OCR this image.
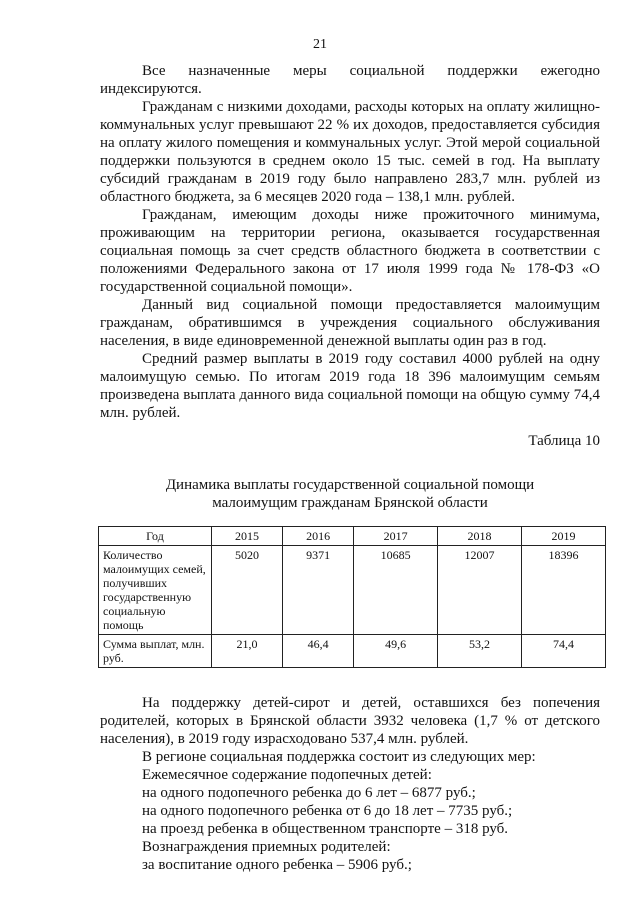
21

Все назначенные меры социальной поддержки ежегодно индексируются.

Гражданам с низкими доходами, расходы которых на оплату жилищно-коммунальных услуг превышают 22 % их доходов, предоставляется субсидия на оплату жилого помещения и коммунальных услуг. Этой мерой социальной поддержки пользуются в среднем около 15 тыс. семей в год. На выплату субсидий гражданам в 2019 году было направлено 283,7 млн. рублей из областного бюджета, за 6 месяцев 2020 года – 138,1 млн. рублей.

Гражданам, имеющим доходы ниже прожиточного минимума, проживающим на территории региона, оказывается государственная социальная помощь за счет средств областного бюджета в соответствии с положениями Федерального закона от 17 июля 1999 года № 178-ФЗ «О государственной социальной помощи».

Данный вид социальной помощи предоставляется малоимущим гражданам, обратившимся в учреждения социального обслуживания населения, в виде единовременной денежной выплаты один раз в год.

Средний размер выплаты в 2019 году составил 4000 рублей на одну малоимущую семью. По итогам 2019 года 18 396 малоимущим семьям произведена выплата данного вида социальной помощи на общую сумму 74,4 млн. рублей.

Таблица 10

Динамика выплаты государственной социальной помощи
малоимущим гражданам Брянской области
Год	2015	2016	2017	2018	2019
Количество малоимущих семей, получивших государственную социальную помощь	5020	9371	10685	12007	18396
Сумма выплат, млн. руб.	21,0	46,4	49,6	53,2	74,4

На поддержку детей-сирот и детей, оставшихся без попечения родителей, которых в Брянской области 3932 человека (1,7 % от детского населения), в 2019 году израсходовано 537,4 млн. рублей.

В регионе социальная поддержка состоит из следующих мер:

Ежемесячное содержание подопечных детей:

на одного подопечного ребенка до 6 лет – 6877 руб.;

на одного подопечного ребенка от 6 до 18 лет – 7735 руб.;

на проезд ребенка в общественном транспорте – 318 руб.

Вознаграждения приемных родителей:

за воспитание одного ребенка – 5906 руб.;
